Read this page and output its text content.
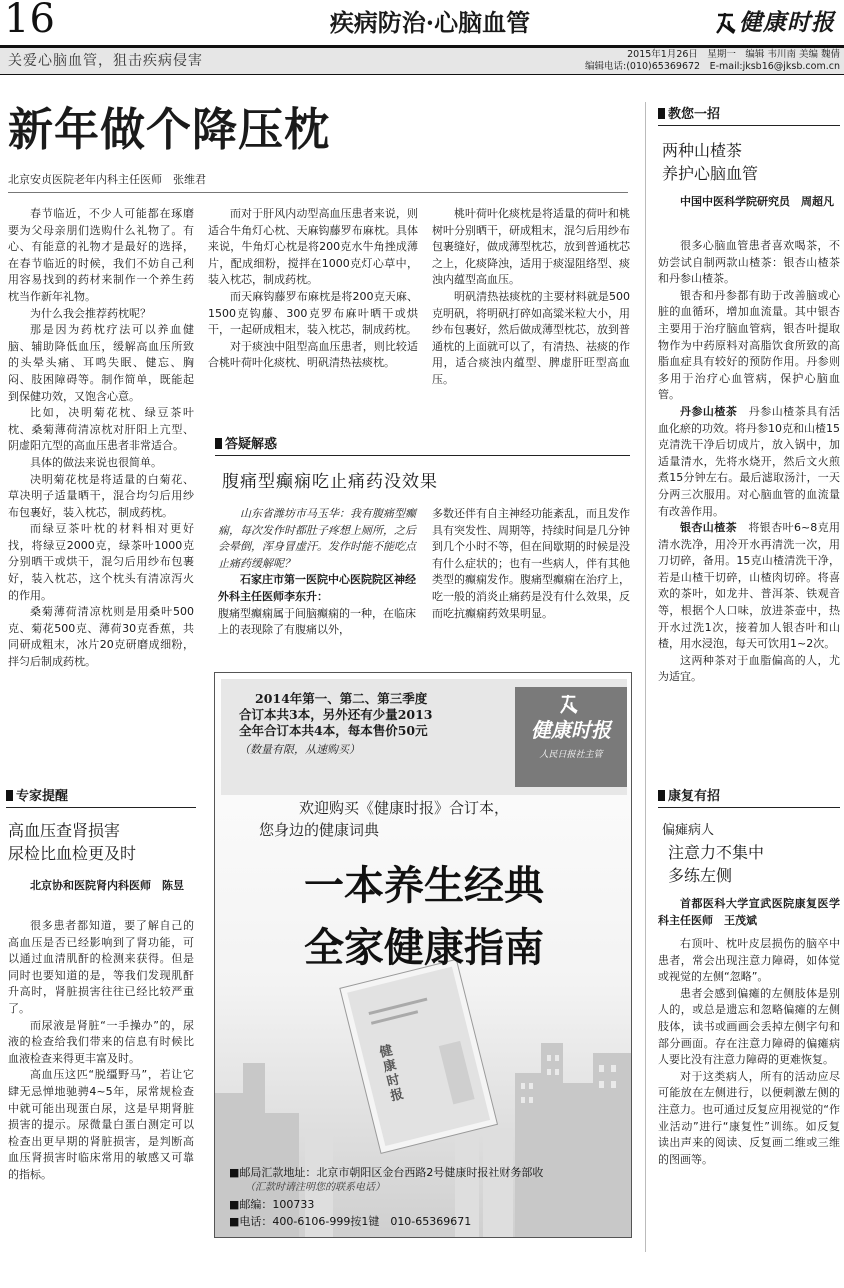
16	疾病防治·心脑血管	健康时报
关爱心脑血管，狙击疾病侵害	2015年1月26日　星期一　编辑 韦川南 美编 魏倩
编辑电话:(010)65369672　E-mail:jksb16@jksb.com.cn
新年做个降压枕
北京安贞医院老年内科主任医师　张维君

春节临近，不少人可能都在琢磨要为父母亲朋们选购什么礼物了。有心、有能意的礼物才是最好的选择，在春节临近的时候，我们不妨自己利用容易找到的药材来制作一个养生药枕当作新年礼物。

为什么我会推荐药枕呢？

那是因为药枕疗法可以养血健脑、辅助降低血压，缓解高血压所致的头晕头痛、耳鸣失眠、健忘、胸闷、肢困障碍等。制作简单，既能起到保健功效，又饱含心意。

比如，决明菊花枕、绿豆茶叶枕、桑菊薄荷清凉枕对肝阳上亢型、阴虚阳亢型的高血压患者非常适合。

具体的做法来说也很简单。

决明菊花枕是将适量的白菊花、草决明子适量晒干，混合均匀后用纱布包裹好，装入枕芯，制成药枕。

而绿豆茶叶枕的材料相对更好找，将绿豆2000克，绿茶叶1000克分别晒干或烘干，混匀后用纱布包裹好，装入枕芯，这个枕头有清凉泻火的作用。

桑菊薄荷清凉枕则是用桑叶500克、菊花500克、薄荷30克香蕉，共同研成粗末，冰片20克研磨成细粉，拌匀后制成药枕。

而对于肝风内动型高血压患者来说，则适合牛角灯心枕、天麻钩藤罗布麻枕。具体来说，牛角灯心枕是将200克水牛角挫成薄片，配成细粉，搅拌在1000克灯心草中，装入枕芯，制成药枕。

而天麻钩藤罗布麻枕是将200克天麻、1500克钩藤、300克罗布麻叶晒干或烘干，一起研成粗末，装入枕芯，制成药枕。

对于痰浊中阻型高血压患者，则比较适合桃叶荷叶化痰枕、明矾清热祛痰枕。

桃叶荷叶化痰枕是将适量的荷叶和桃树叶分别晒干，研成粗末，混匀后用纱布包裹缝好，做成薄型枕芯，放到普通枕芯之上，化痰降浊，适用于痰湿阻络型、痰浊内蕴型高血压。

明矾清热祛痰枕的主要材料就是500克明矾，将明矾打碎如高粱米粒大小，用纱布包裹好，然后做成薄型枕芯，放到普通枕的上面就可以了，有清热、祛痰的作用，适合痰浊内蕴型、脾虚肝旺型高血压。

答疑解惑
腹痛型癫痫吃止痛药没效果

山东省潍坊市马玉华：我有腹痛型癫痫，每次发作时都肚子疼想上厕所，之后会晕倒，浑身冒虚汗。发作时能不能吃点止痛药缓解呢？

石家庄市第一医院中心医院院区神经外科主任医师李东升：

腹痛型癫痫属于间脑癫痫的一种，在临床上的表现除了有腹痛以外，
多数还伴有自主神经功能紊乱，而且发作具有突发性、周期等，持续时间是几分钟到几个小时不等，但在间歇期的时候是没有什么症状的；也有一些病人，伴有其他类型的癫痫发作。腹痛型癫痫在治疗上，吃一般的消炎止痛药是没有什么效果，反而吃抗癫痫药效果明显。
2014年第一、第二、第三季度
合订本共3本，另外还有少量2013
全年合订本共4本，每本售价50元
（数量有限，从速购买）
健康时报
人民日报社主管
欢迎购买《健康时报》合订本，
您身边的健康词典
一本养生经典
全家健康指南
健康时报
■邮局汇款地址：北京市朝阳区金台西路2号健康时报社财务部收
（汇款时请注明您的联系电话）
■邮编：100733
■电话：400-6106-999按1键　010-65369671
专家提醒
高血压查肾损害
尿检比血检更及时

北京协和医院肾内科医师　陈昱

很多患者都知道，要了解自己的高血压是否已经影响到了肾功能，可以通过血清肌酐的检测来获得。但是同时也要知道的是，等我们发现肌酐升高时，肾脏损害往往已经比较严重了。

而尿液是肾脏“一手操办”的，尿液的检查给我们带来的信息有时候比血液检查来得更丰富及时。

高血压这匹“脱缰野马”，若让它肆无忌惮地驰骋4~5年，尿常规检查中就可能出现蛋白尿，这是早期肾脏损害的提示。尿微量白蛋白测定可以检查出更早期的肾脏损害，是判断高血压肾损害时临床常用的敏感又可靠的指标。

教您一招
两种山楂茶
养护心脑血管

中国中医科学院研究员　周超凡

很多心脑血管患者喜欢喝茶，不妨尝试自制两款山楂茶：银杏山楂茶和丹参山楂茶。

银杏和丹参都有助于改善脑或心脏的血循环，增加血流量。其中银杏主要用于治疗脑血管病，银杏叶提取物作为中药原料对高脂饮食所致的高脂血症具有较好的预防作用。丹参则多用于治疗心血管病，保护心脑血管。

丹参山楂茶　 丹参山楂茶具有活血化瘀的功效。将丹参10克和山楂15克清洗干净后切成片，放入锅中，加适量清水，先将水烧开，然后文火煎煮15分钟左右。最后滤取汤汁，一天分两三次服用。对心脑血管的血流量有改善作用。

银杏山楂茶　 将银杏叶6~8克用清水洗净，用冷开水再清洗一次，用刀切碎，备用。15克山楂清洗干净，若是山楂干切碎，山楂肉切碎。将喜欢的茶叶，如龙井、普洱茶、铁观音等，根据个人口味，放进茶壶中，热开水过洗1次，接着加人银杏叶和山楂，用水浸泡，每天可饮用1~2次。

这两种茶对于血脂偏高的人，尤为适宜。

康复有招
偏瘫病人
注意力不集中
多练左侧

首都医科大学宣武医院康复医学科主任医师　王茂斌

右顶叶、枕叶皮层损伤的脑卒中患者，常会出现注意力障碍，如体觉或视觉的左侧“忽略”。

患者会感到偏瘫的左侧肢体是别人的，或总是遗忘和忽略偏瘫的左侧肢体，读书或画画会丢掉左侧字句和部分画面。存在注意力障碍的偏瘫病人要比没有注意力障碍的更难恢复。

对于这类病人，所有的活动应尽可能放在左侧进行，以便刺激左侧的注意力。也可通过反复应用视觉的“作业活动”进行“康复性”训练。如反复读出声来的阅读、反复画二维或三维的图画等。
